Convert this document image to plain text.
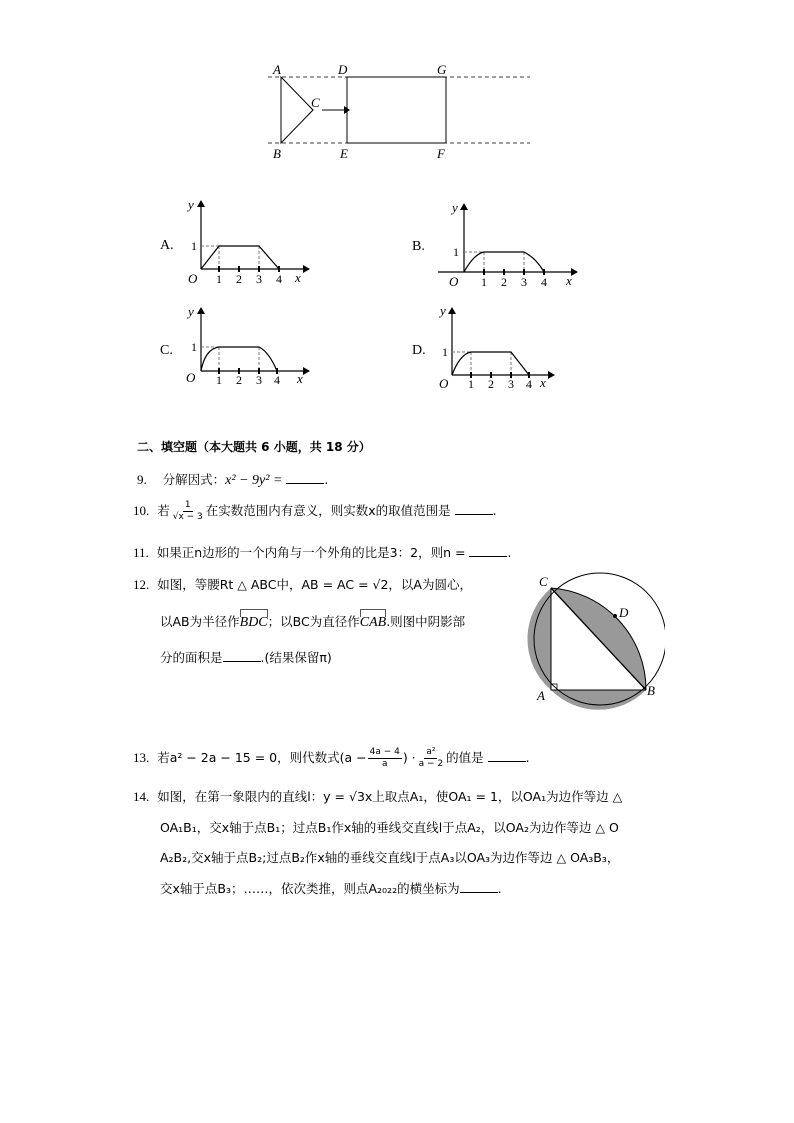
A
B
C
D
E	F
G
A.
y
1
O 1 2 3 4 x
B.
y
1
O 1 2 3 4 x
C.
y
1
O 1 2 3 4 x
D.
y
1
O 1 2 3 4 x
二、填空题（本大题共 6 小题，共 18 分）
9. 分解因式：x² − 9y² =	.
10. 若 $\frac{1}{√x - 3}$ 在实数范围内有意义，则实数x的取值范围是	.
11. 如果正n边形的一个内角与一个外角的比是3：2，则n =	.
12. 如图，等腰Rt △ ABC中，AB = AC = √2，以A为圆心，
以AB为半径作BDC；以BC为直径作CAB.则图中阴影部
分的面积是	.(结果保留π)
C
D
A	B
13. 若a² − 2a − 15 = 0，则代数式($a - \frac{4a - 4}{a}$ ) · $\frac{\text{a²}}{a - 2}$ 的值是	.
14. 如图，在第一象限内的直线l：y = √3x上取点A₁，使OA₁ = 1，以OA₁为边作等边 △
OA₁B₁，交x轴于点B₁；过点B₁作x轴的垂线交直线l于点A₂，以OA₂为边作等边 △ O
A₂B₂,交x轴于点B₂;过点B₂作x轴的垂线交直线l于点A₃以OA₃为边作等边 △ OA₃B₃，
交x轴于点B₃；……，依次类推，则点A₂₀₂₂的横坐标为	.
